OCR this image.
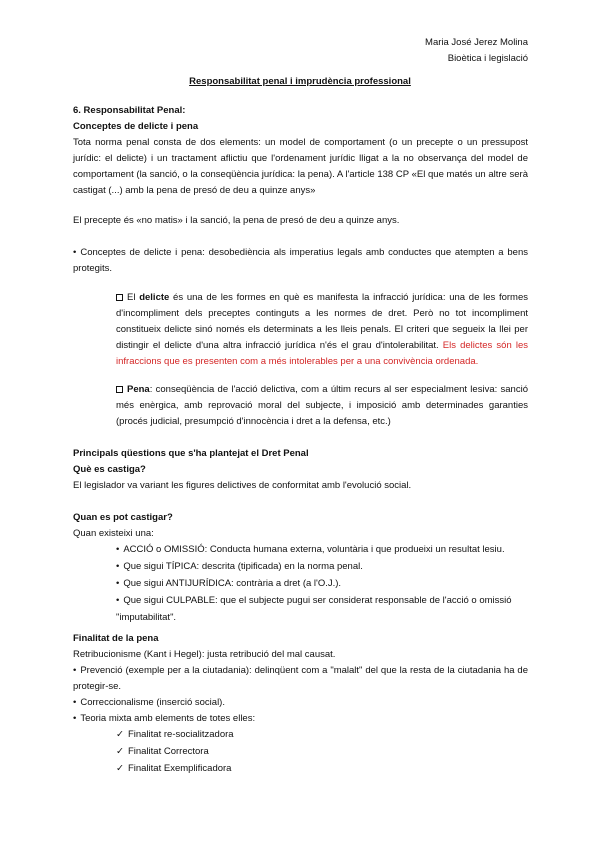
Maria José Jerez Molina
Bioètica i legislació
Responsabilitat penal i imprudència professional
6. Responsabilitat Penal:
Conceptes de delicte i pena
Tota norma penal consta de dos elements: un model de comportament (o un precepte o un pressupost jurídic: el delicte) i un tractament aflictiu que l'ordenament jurídic lligat a la no observança del model de comportament (la sanció, o la conseqüència jurídica: la pena). A l'article 138 CP «El que matés un altre serà castigat (...) amb la pena de presó de deu a quinze anys»
El precepte és «no matis» i la sanció, la pena de presó de deu a quinze anys.
• Conceptes de delicte i pena: desobediència als imperatius legals amb conductes que atempten a bens protegits.
El delicte és una de les formes en què es manifesta la infracció jurídica: una de les formes d'incompliment dels preceptes continguts a les normes de dret. Però no tot incompliment constitueix delicte sinó només els determinats a les lleis penals. El criteri que segueix la llei per distingir el delicte d'una altra infracció jurídica n'és el grau d'intolerabilitat. Els delictes són les infraccions que es presenten com a més intolerables per a una convivència ordenada.
Pena: conseqüència de l'acció delictiva, com a últim recurs al ser especialment lesiva: sanció més enèrgica, amb reprovació moral del subjecte, i imposició amb determinades garanties (procés judicial, presumpció d'innocència i dret a la defensa, etc.)
Principals qüestions que s'ha plantejat el Dret Penal
Què es castiga?
El legislador va variant les figures delictives de conformitat amb l'evolució social.
Quan es pot castigar?
Quan existeixi una:
• ACCIÓ o OMISSIÓ: Conducta humana externa, voluntària i que produeixi un resultat lesiu.
• Que sigui TÍPICA: descrita (tipificada) en la norma penal.
• Que sigui ANTIJURÍDICA: contrària a dret (a l'O.J.).
• Que sigui CULPABLE: que el subjecte pugui ser considerat responsable de l'acció o omissió "imputabilitat".
Finalitat de la pena
Retribucionisme (Kant i Hegel): justa retribució del mal causat.
• Prevenció (exemple per a la ciutadania): delinqüent com a "malalt" del que la resta de la ciutadania ha de protegir-se.
• Correccionalisme (inserció social).
• Teoria mixta amb elements de totes elles:
✓ Finalitat re-socialitzadora
✓ Finalitat Correctora
✓ Finalitat Exemplificadora
